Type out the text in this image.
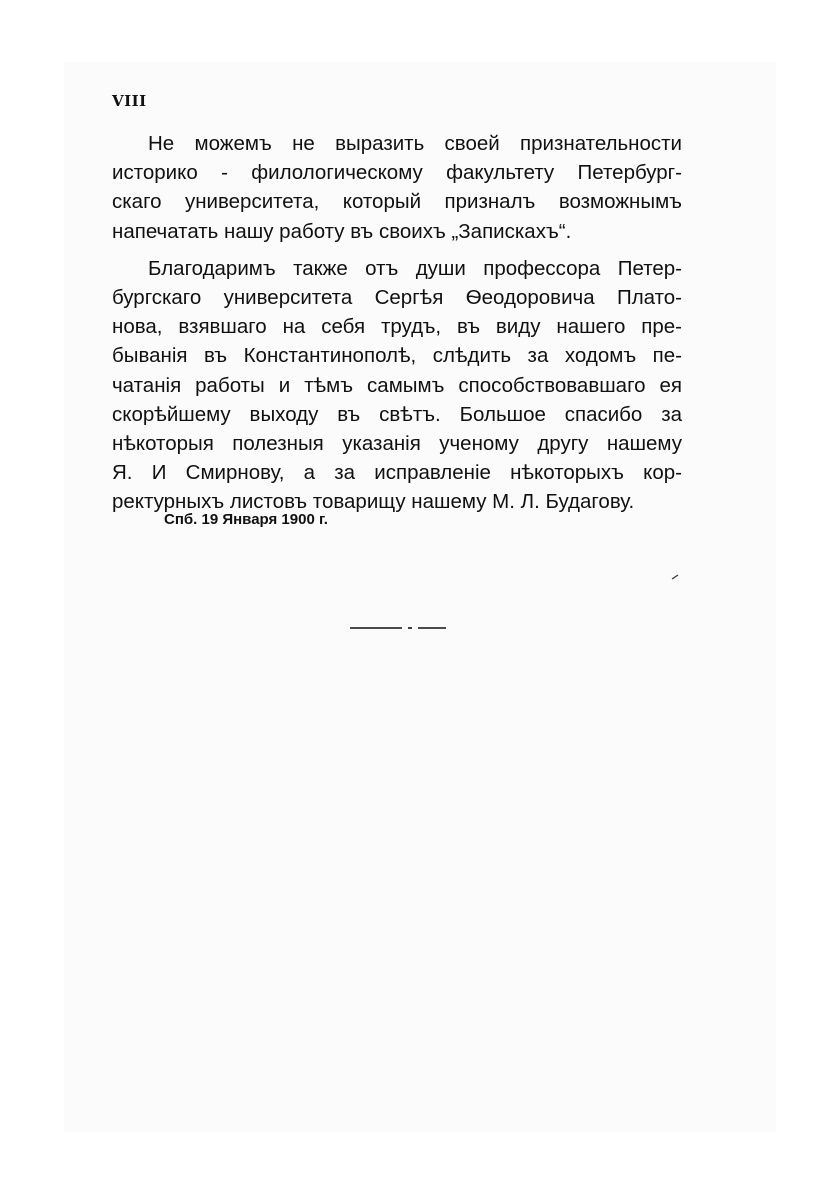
VIII
Не можемъ не выразить своей признательности
историко - филологическому факультету Петербург-
скаго университета, который призналъ возможнымъ
напечатать нашу работу въ своихъ „Запискахъ“.
Благодаримъ также отъ души профессора Петер-
бургскаго университета Сергѣя Ѳеодоровича Плато-
нова, взявшаго на себя трудъ, въ виду нашего пре-
быванія въ Константинополѣ, слѣдить за ходомъ пе-
чатанія работы и тѣмъ самымъ способствовавшаго ея
скорѣйшему выходу въ свѣтъ. Большое спасибо за
нѣкоторыя полезныя указанія ученому другу нашему
Я. И Смирнову, а за исправленіе нѣкоторыхъ кор-
ректурныхъ листовъ товарищу нашему М. Л. Будагову.
Спб. 19 Января 1900 г.
